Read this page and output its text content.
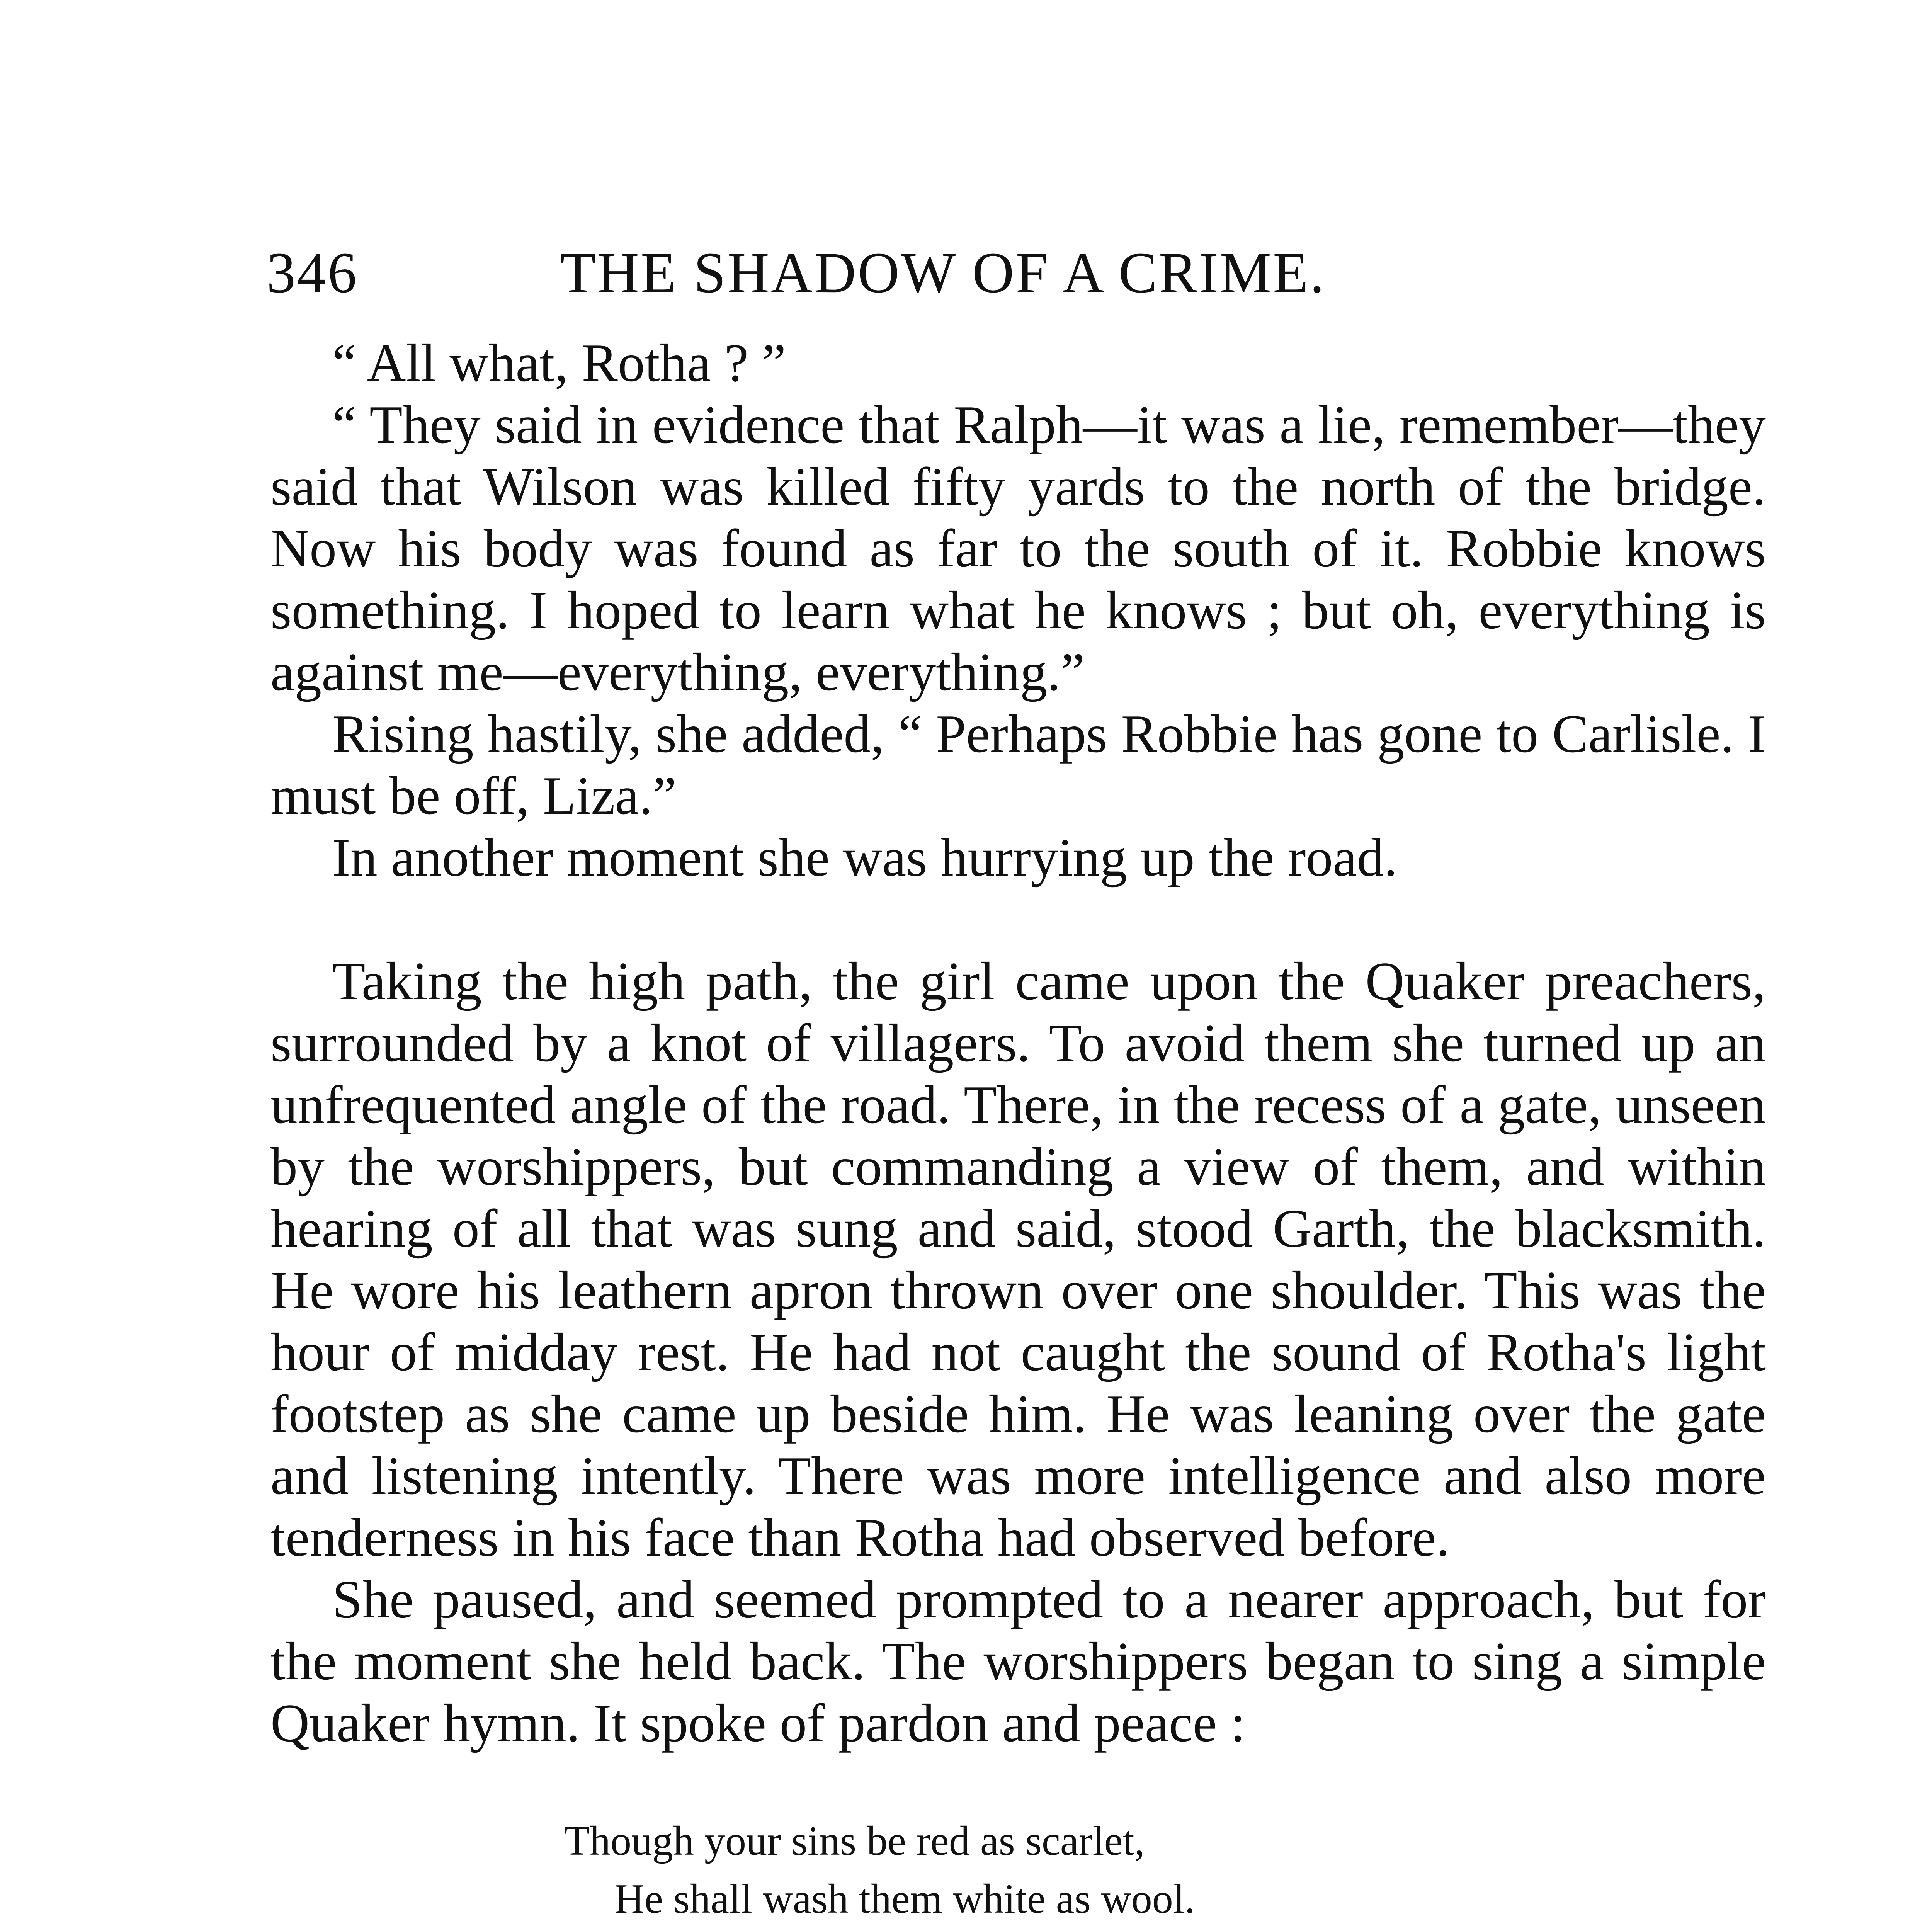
346	THE SHADOW OF A CRIME.

“ All what, Rotha ? ”

“ They said in evidence that Ralph—it was a lie, remember—they said that Wilson was killed fifty yards to the north of the bridge. Now his body was found as far to the south of it. Robbie knows something. I hoped to learn what he knows ; but oh, everything is against me—everything, everything.”

Rising hastily, she added, “ Perhaps Robbie has gone to Carlisle. I must be off, Liza.”

In another moment she was hurrying up the road.

Taking the high path, the girl came upon the Quaker preachers, surrounded by a knot of villagers. To avoid them she turned up an unfrequented angle of the road. There, in the recess of a gate, unseen by the worshippers, but commanding a view of them, and within hearing of all that was sung and said, stood Garth, the blacksmith. He wore his leathern apron thrown over one shoulder. This was the hour of midday rest. He had not caught the sound of Rotha's light footstep as she came up beside him. He was leaning over the gate and listening intently. There was more intelligence and also more tenderness in his face than Rotha had observed before.

She paused, and seemed prompted to a nearer approach, but for the moment she held back. The worshippers began to sing a simple Quaker hymn. It spoke of pardon and peace :

Though your sins be red as scarlet,
He shall wash them white as wool.
